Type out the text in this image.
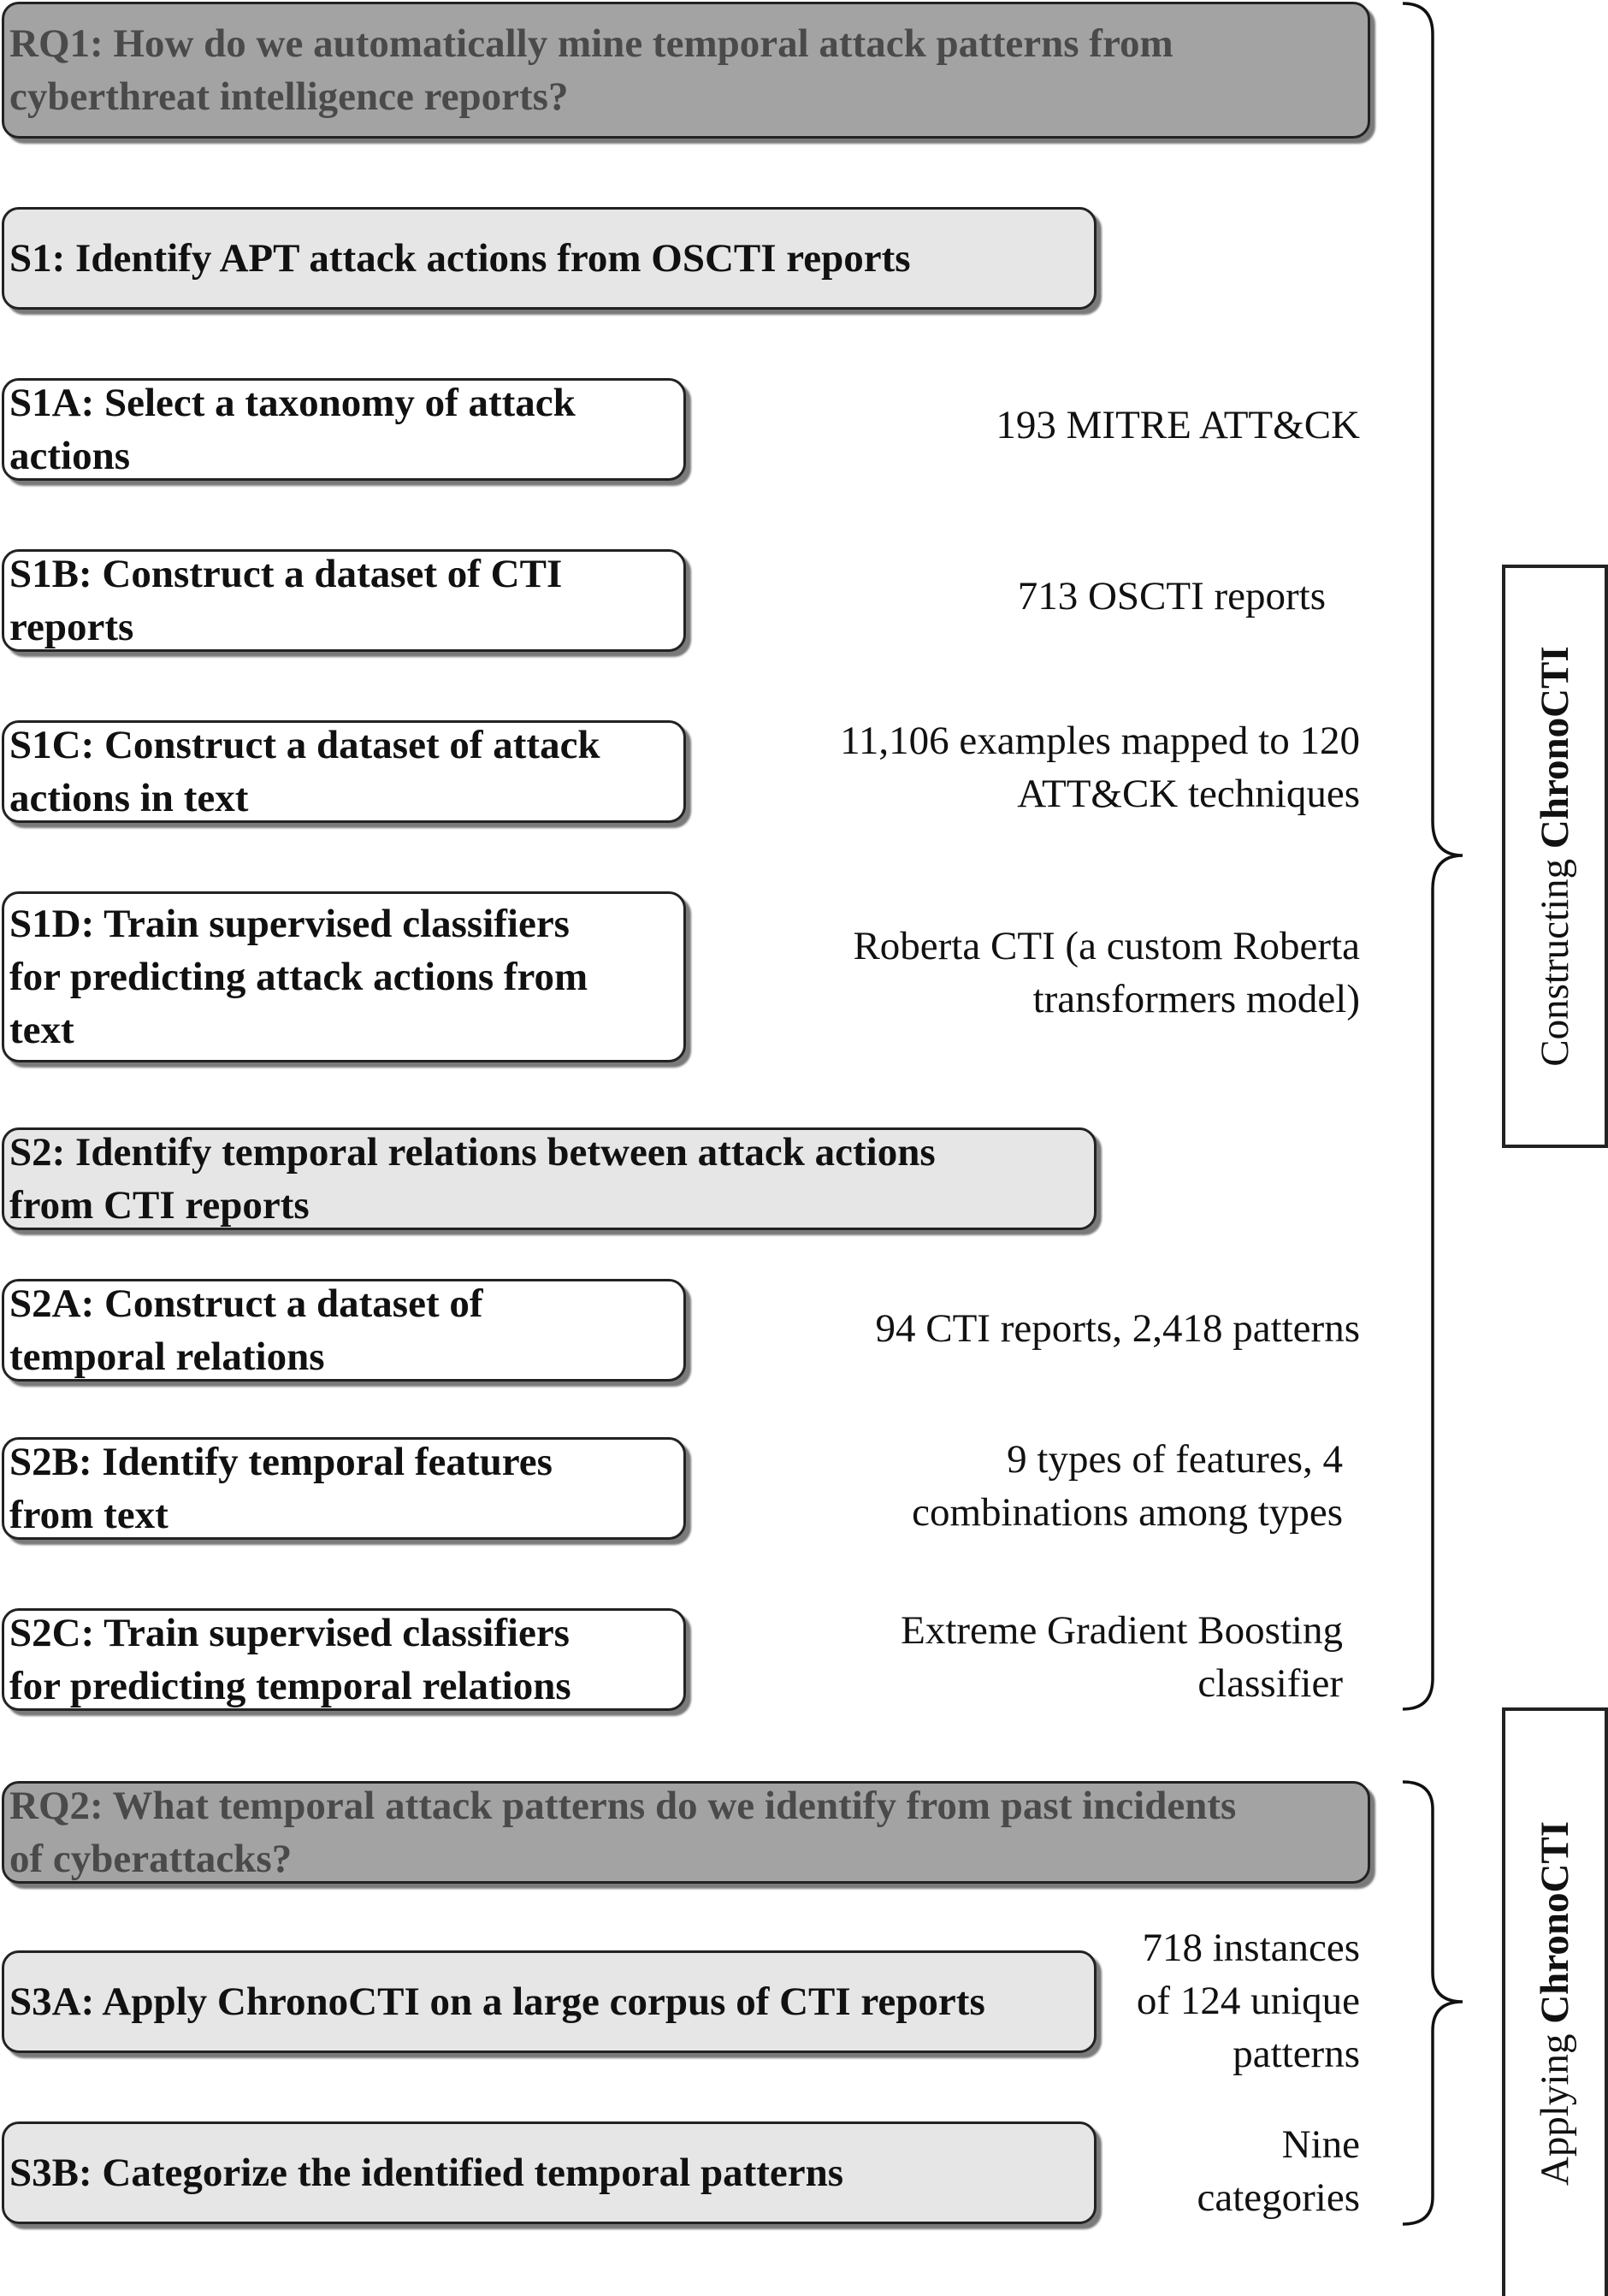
RQ1: How do we automatically mine temporal attack patterns from
cyberthreat intelligence reports?
S1: Identify APT attack actions from OSCTI reports
S1A: Select a taxonomy of attack
actions
193 MITRE ATT&CK
S1B: Construct a dataset of CTI
reports
713 OSCTI reports
S1C: Construct a dataset of attack
actions in text
11,106 examples mapped to 120
ATT&CK techniques
S1D: Train supervised classifiers
for predicting attack actions from
text
Roberta CTI (a custom Roberta
transformers model)
S2: Identify temporal relations between attack actions
from CTI reports
S2A: Construct a dataset of
temporal relations
94 CTI reports, 2,418 patterns
S2B: Identify temporal features
from text
9 types of features, 4
combinations among types
S2C: Train supervised classifiers
for predicting temporal relations
Extreme Gradient Boosting
classifier
RQ2: What temporal attack patterns do we identify from past incidents
of cyberattacks?
S3A: Apply ChronoCTI on a large corpus of CTI reports
718 instances
of 124 unique
patterns
S3B: Categorize the identified temporal patterns
Nine
categories
Constructing ChronoCTI
Applying ChronoCTI
